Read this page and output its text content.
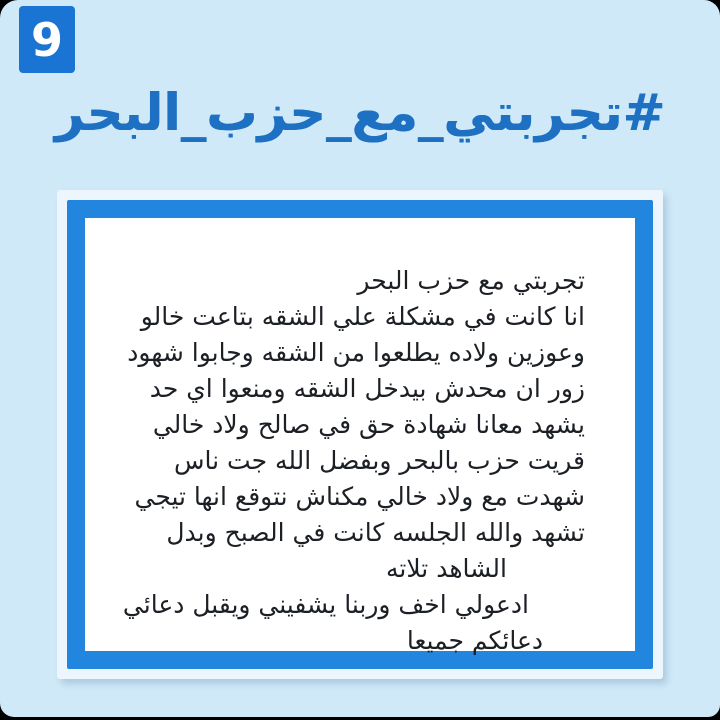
9
#تجربتي_مع_حزب_البحر

تجربتي مع حزب البحر

انا كانت في مشكلة علي الشقه بتاعت خالو

وعوزين ولاده يطلعوا من الشقه وجابوا شهود

زور ان محدش بيدخل الشقه ومنعوا اي حد

يشهد معانا شهادة حق في صالح ولاد خالي

قريت حزب بالبحر وبفضل الله جت ناس

شهدت مع ولاد خالي مكناش نتوقع انها تيجي

تشهد والله الجلسه كانت في الصبح وبدل

الشاهد تلاته

ادعولي اخف وربنا يشفيني ويقبل دعائي

دعائكم جميعا
